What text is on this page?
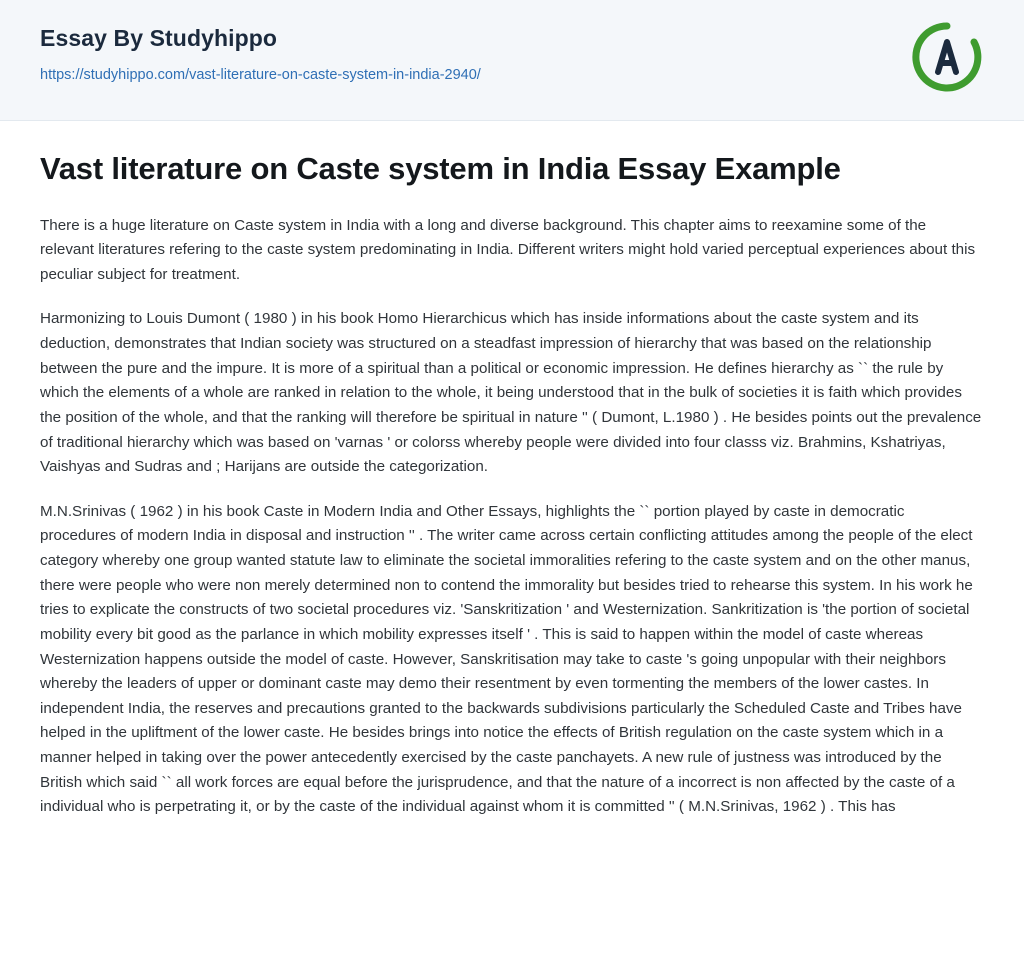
Essay By Studyhippo
https://studyhippo.com/vast-literature-on-caste-system-in-india-2940/
Vast literature on Caste system in India Essay Example

There is a huge literature on Caste system in India with a long and diverse background. This chapter aims to reexamine some of the relevant literatures refering to the caste system predominating in India. Different writers might hold varied perceptual experiences about this peculiar subject for treatment.

Harmonizing to Louis Dumont ( 1980 ) in his book Homo Hierarchicus which has inside informations about the caste system and its deduction, demonstrates that Indian society was structured on a steadfast impression of hierarchy that was based on the relationship between the pure and the impure. It is more of a spiritual than a political or economic impression. He defines hierarchy as `` the rule by which the elements of a whole are ranked in relation to the whole, it being understood that in the bulk of societies it is faith which provides the position of the whole, and that the ranking will therefore be spiritual in nature '' ( Dumont, L.1980 ) . He besides points out the prevalence of traditional hierarchy which was based on 'varnas ' or colorss whereby people were divided into four classs viz. Brahmins, Kshatriyas, Vaishyas and Sudras and ; Harijans are outside the categorization.

M.N.Srinivas ( 1962 ) in his book Caste in Modern India and Other Essays, highlights the `` portion played by caste in democratic procedures of modern India in disposal and instruction '' . The writer came across certain conflicting attitudes among the people of the elect category whereby one group wanted statute law to eliminate the societal immoralities refering to the caste system and on the other manus, there were people who were non merely determined non to contend the immorality but besides tried to rehearse this system. In his work he tries to explicate the constructs of two societal procedures viz. 'Sanskritization ' and Westernization. Sankritization is 'the portion of societal mobility every bit good as the parlance in which mobility expresses itself ' . This is said to happen within the model of caste whereas Westernization happens outside the model of caste. However, Sanskritisation may take to caste 's going unpopular with their neighbors whereby the leaders of upper or dominant caste may demo their resentment by even tormenting the members of the lower castes. In independent India, the reserves and precautions granted to the backwards subdivisions particularly the Scheduled Caste and Tribes have helped in the upliftment of the lower caste. He besides brings into notice the effects of British regulation on the caste system which in a manner helped in taking over the power antecedently exercised by the caste panchayets. A new rule of justness was introduced by the British which said `` all work forces are equal before the jurisprudence, and that the nature of a incorrect is non affected by the caste of a individual who is perpetrating it, or by the caste of the individual against whom it is committed '' ( M.N.Srinivas, 1962 ) . This has
